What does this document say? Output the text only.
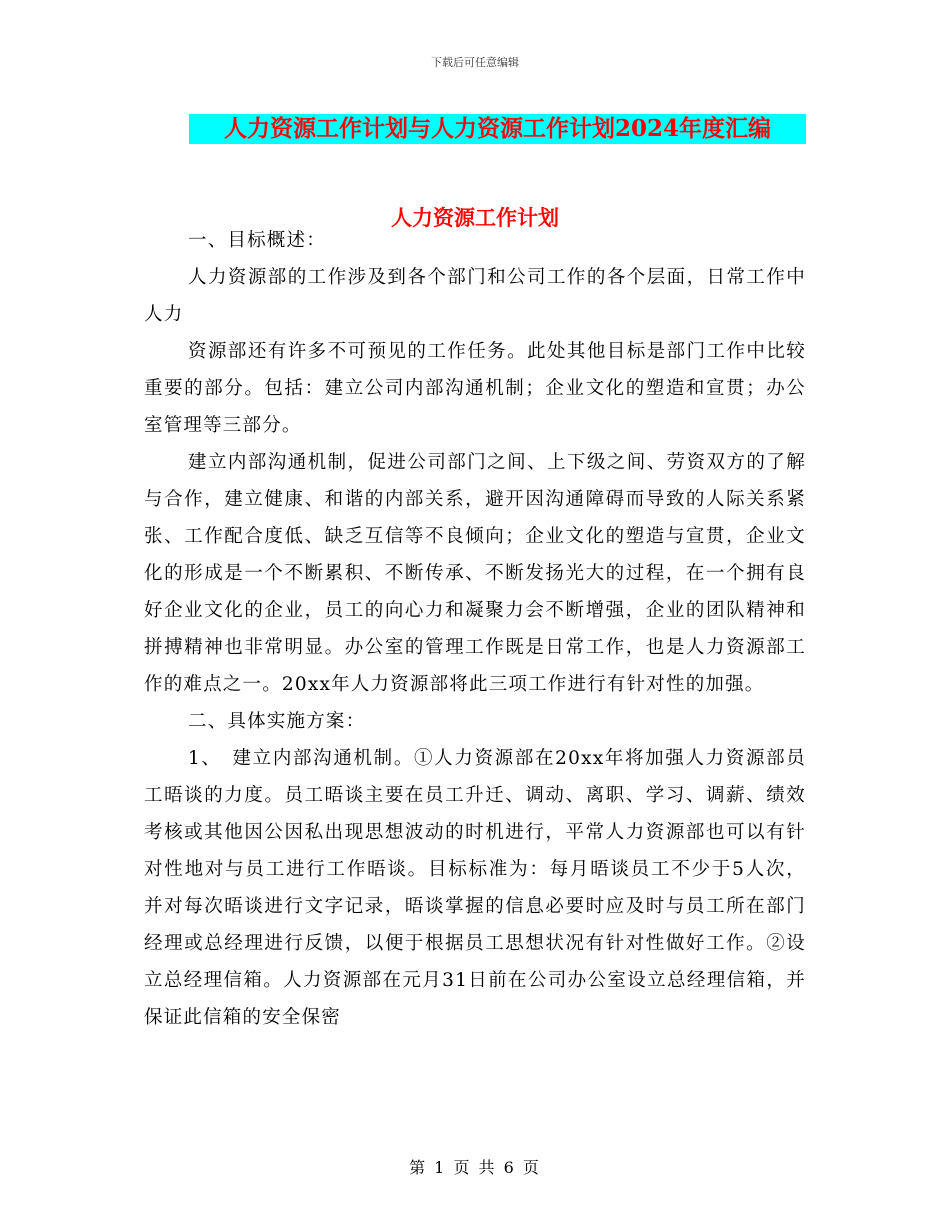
下载后可任意编辑
人力资源工作计划与人力资源工作计划2024年度汇编
人力资源工作计划

一、目标概述：

人力资源部的工作涉及到各个部门和公司工作的各个层面，日常工作中人力

资源部还有许多不可预见的工作任务。此处其他目标是部门工作中比较重要的部分。包括：建立公司内部沟通机制；企业文化的塑造和宣贯；办公室管理等三部分。

建立内部沟通机制，促进公司部门之间、上下级之间、劳资双方的了解与合作，建立健康、和谐的内部关系，避开因沟通障碍而导致的人际关系紧张、工作配合度低、缺乏互信等不良倾向；企业文化的塑造与宣贯，企业文化的形成是一个不断累积、不断传承、不断发扬光大的过程，在一个拥有良好企业文化的企业，员工的向心力和凝聚力会不断增强，企业的团队精神和拼搏精神也非常明显。办公室的管理工作既是日常工作，也是人力资源部工作的难点之一。20xx年人力资源部将此三项工作进行有针对性的加强。

二、具体实施方案：

1、　建立内部沟通机制。①人力资源部在20xx年将加强人力资源部员工晤谈的力度。员工晤谈主要在员工升迁、调动、离职、学习、调薪、绩效考核或其他因公因私出现思想波动的时机进行，平常人力资源部也可以有针对性地对与员工进行工作晤谈。目标标准为：每月晤谈员工不少于5人次，并对每次晤谈进行文字记录，晤谈掌握的信息必要时应及时与员工所在部门经理或总经理进行反馈，以便于根据员工思想状况有针对性做好工作。②设立总经理信箱。人力资源部在元月31日前在公司办公室设立总经理信箱，并保证此信箱的安全保密

第 1 页 共 6 页
